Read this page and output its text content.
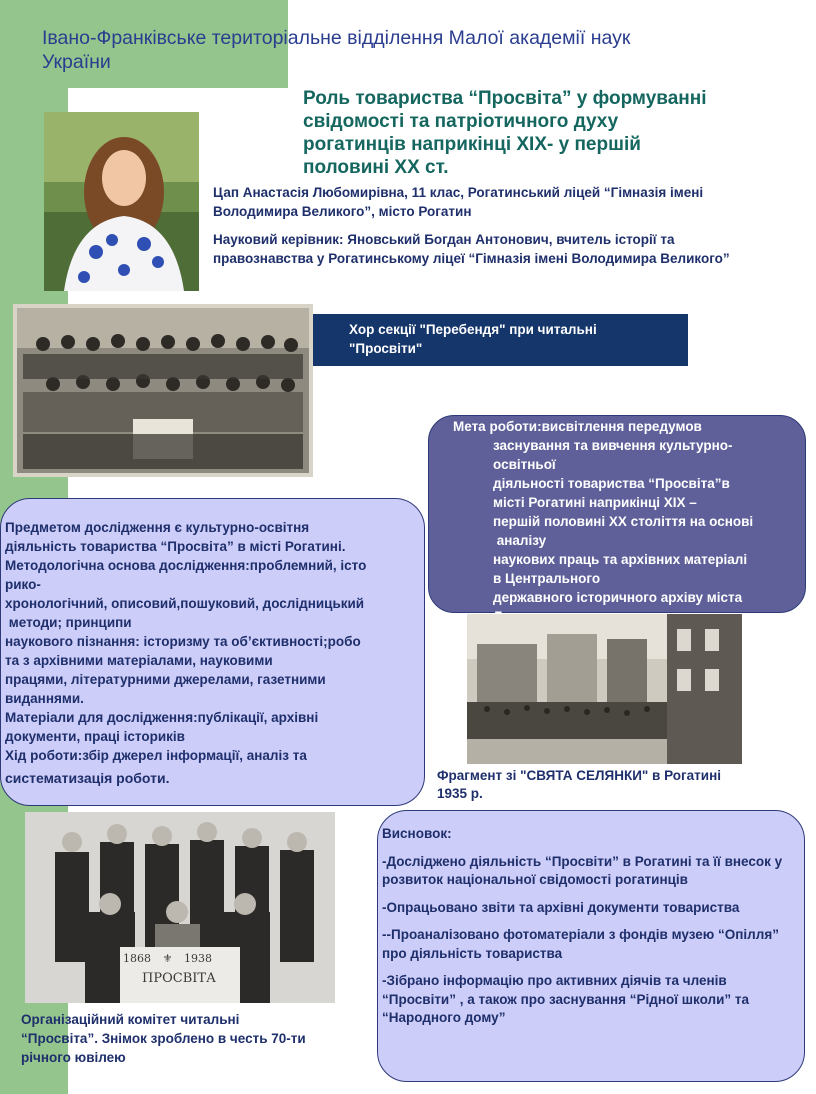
Івано-Франківське територіальне відділення Малої академії наук
України
Роль товариства “Просвіта” у формуванні
свідомості та патріотичного духу
рогатинців наприкінці ХІХ- у першій
половині ХХ ст.
Цап Анастасія Любомирівна, 11 клас, Рогатинський ліцей “Гімназія імені
Володимира Великого”, місто Рогатин
Науковий керівник: Яновський Богдан Антонович, вчитель історії та
правознавства у Рогатинському ліцеї “Гімназія імені Володимира Великого”
Хор секції "Перебендя" при читальні
"Просвіти"
Мета роботи:висвітлення передумов
заснування та вивчення культурно-
освітньої
діяльності товариства “Просвіта”в
місті Рогатині наприкінці ХІХ –
першій половині ХХ століття на основі
аналізу
наукових праць та архівних матеріалі
в Центрального
державного історичного архіву міста
Предметом дослідження є культурно-освітня
діяльність товариства “Просвіта” в місті Рогатині.
Методологічна основа дослідження:проблемний, істо
рико-
хронологічний, описовий,пошуковий, дослідницький
методи; принципи
наукового пізнання: історизму та об’єктивності;робо
та з архівними матеріалами, науковими
працями, літературними джерелами, газетними
виданнями.
Матеріали для дослідження:публікації, архівні
документи, праці істориків
Хід роботи:збір джерел інформації, аналіз та
систематизація роботи.	Фрагмент зі "СВЯТА СЕЛЯНКИ" в Рогатині
1935 р.
1868 ⚜ 1938
ПРОСВІТА
Організаційний комітет читальні
“Просвіта”. Знімок зроблено в честь 70-ти
річного ювілею
Висновок:
-Досліджено діяльність “Просвіти” в Рогатині та її внесок у розвиток національної свідомості рогатинців
-Опрацьовано звіти та архівні документи товариства
--Проаналізовано фотоматеріали з фондів музею “Опілля” про діяльність товариства
-Зібрано інформацію про активних діячів та членів “Просвіти” , а також про заснування “Рідної школи” та “Народного дому”
